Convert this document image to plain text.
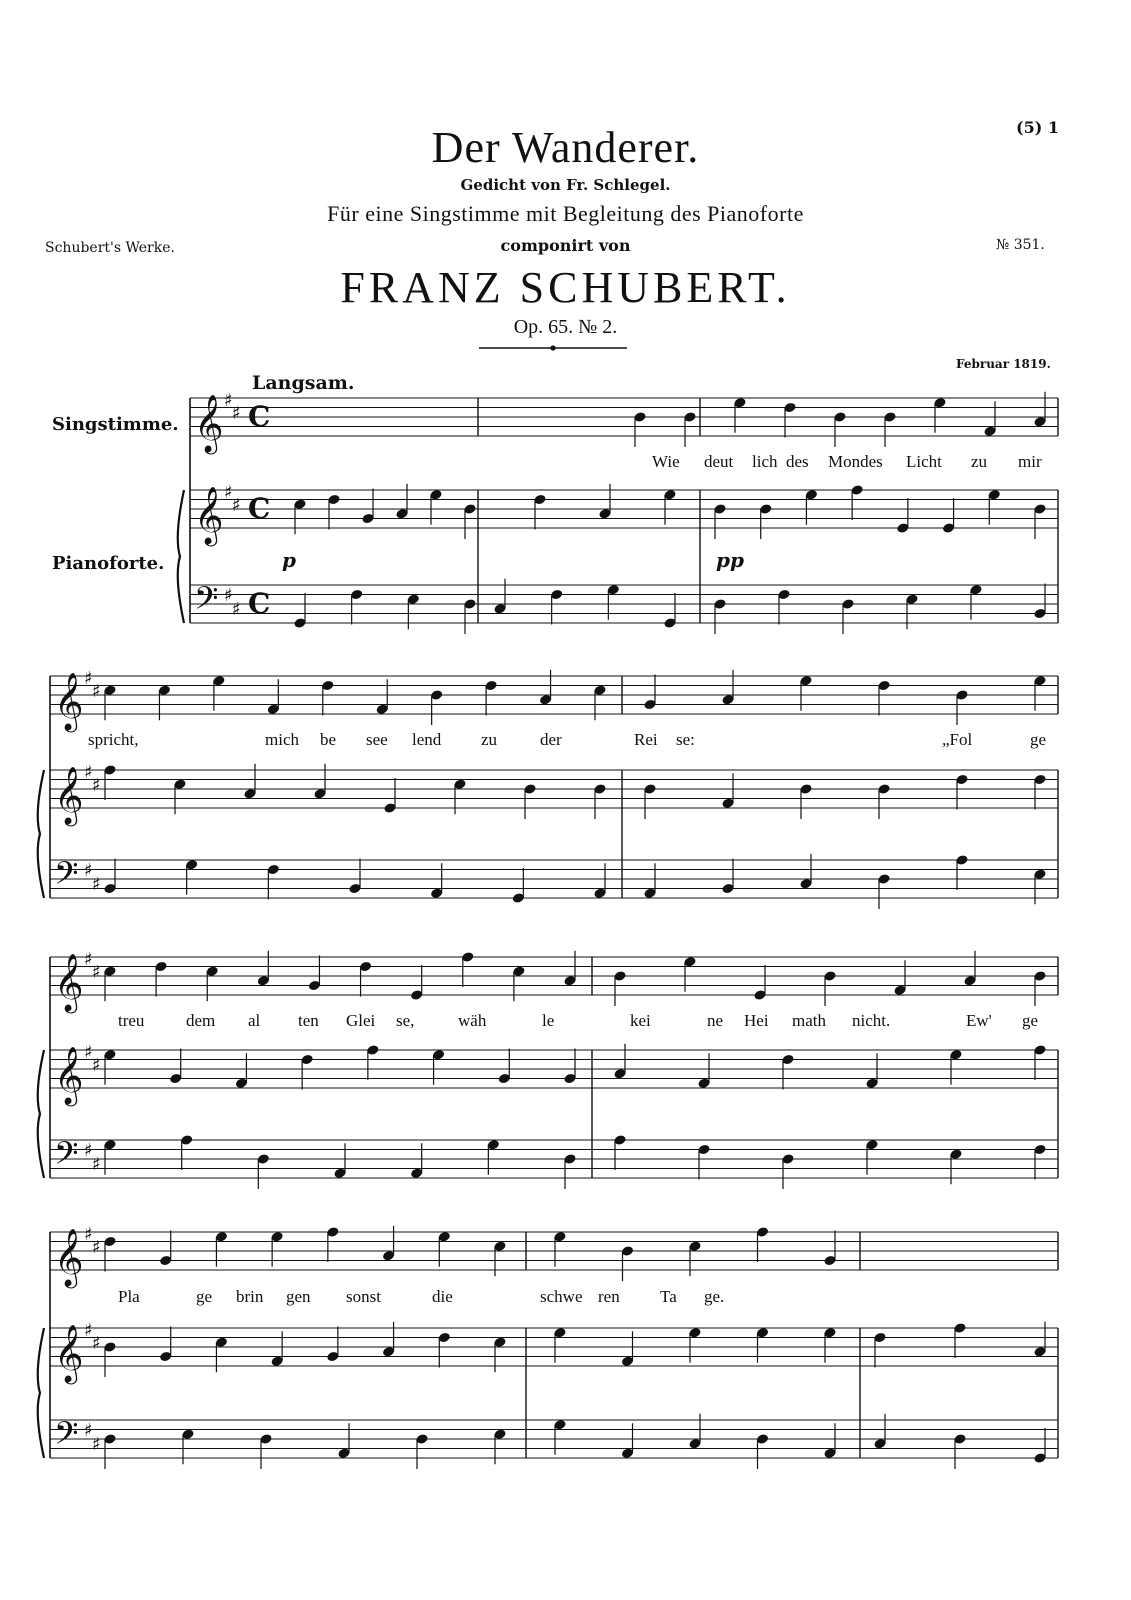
(5) 1
Der Wanderer.
Gedicht von Fr. Schlegel.
Für eine Singstimme mit Begleitung des Pianoforte
Schubert's Werke.	componirt von	№ 351.
FRANZ SCHUBERT.
Op. 65. № 2.
Februar 1819.
𝄞 ♯
♯ C
𝄞 ♯
♯ C
𝄢 ♯
♯ C
𝄞 ♯
♯
𝄞 ♯
♯
𝄢 ♯
♯
𝄞 ♯
♯
𝄞 ♯
♯
𝄢 ♯
♯
𝄞 ♯
♯
𝄞 ♯
♯
𝄢 ♯
♯
Langsam.
Singstimme.
Pianoforte.	p	pp
Wie deut lich des Mondes Licht zu mir
spricht,	mich be see lend zu	der	Rei se:	„Fol	ge
treu dem al ten Glei se,	wäh	le	kei	ne Hei math nicht.	Ew' ge
Pla	ge brin gen sonst	die	schwe ren Ta ge.
